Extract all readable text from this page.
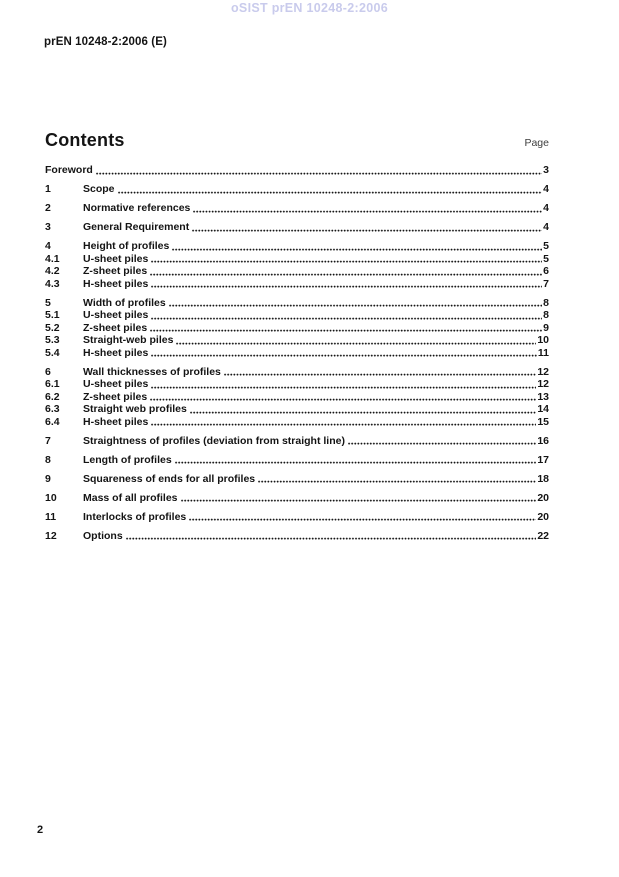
oSIST prEN 10248-2:2006
prEN 10248-2:2006 (E)
Contents	Page
Foreword	3
1	Scope	4
2	Normative references	4
3	General Requirement	4
4	Height of profiles	5
4.1	U-sheet piles	5
4.2	Z-sheet piles	6
4.3	H-sheet piles	7
5	Width of profiles	8
5.1	U-sheet piles	8
5.2	Z-sheet piles	9
5.3	Straight-web piles	10
5.4	H-sheet piles	11
6	Wall thicknesses of profiles	12
6.1	U-sheet piles	12
6.2	Z-sheet piles	13
6.3	Straight web profiles	14
6.4	H-sheet piles	15
7	Straightness of profiles (deviation from straight line)	16
8	Length of profiles	17
9	Squareness of ends for all profiles	18
10	Mass of all profiles	20
11	Interlocks of profiles	20
12	Options	22
2
